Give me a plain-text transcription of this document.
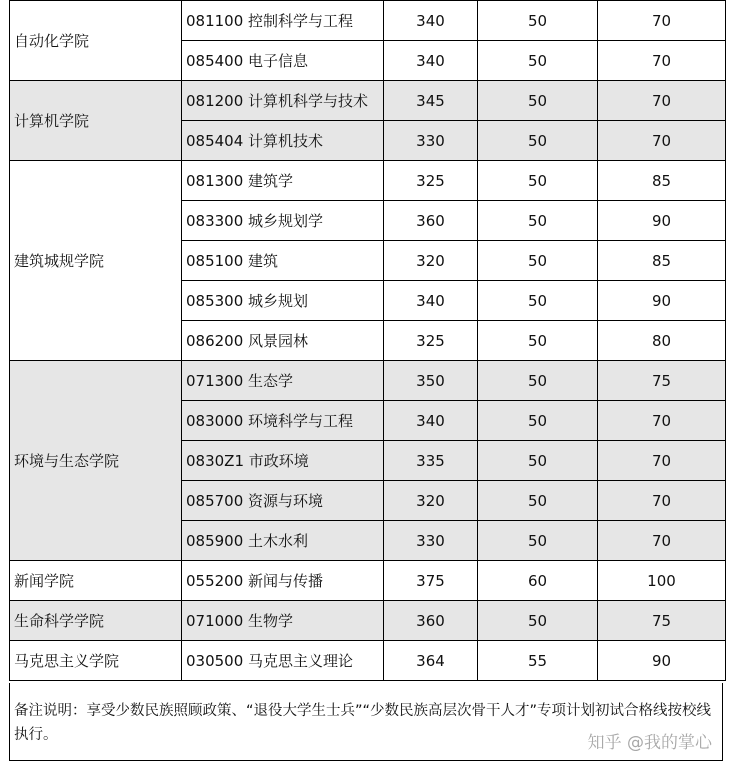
自动化学院	081100 控制科学与工程	340	50	70
	085400 电子信息	340	50	70
计算机学院	081200 计算机科学与技术	345	50	70
	085404 计算机技术	330	50	70
建筑城规学院	081300 建筑学	325	50	85
	083300 城乡规划学	360	50	90
	085100 建筑	320	50	85
	085300 城乡规划	340	50	90
	086200 风景园林	325	50	80
环境与生态学院	071300 生态学	350	50	75
	083000 环境科学与工程	340	50	70
	0830Z1 市政环境	335	50	70
	085700 资源与环境	320	50	70
	085900 土木水利	330	50	70
新闻学院	055200 新闻与传播	375	60	100
生命科学学院	071000 生物学	360	50	75
马克思主义学院	030500 马克思主义理论	364	55	90
备注说明：享受少数民族照顾政策、“退役大学生士兵”“少数民族高层次骨干人才”专项计划初试合格线按校线执行。	知乎 @我的掌心
